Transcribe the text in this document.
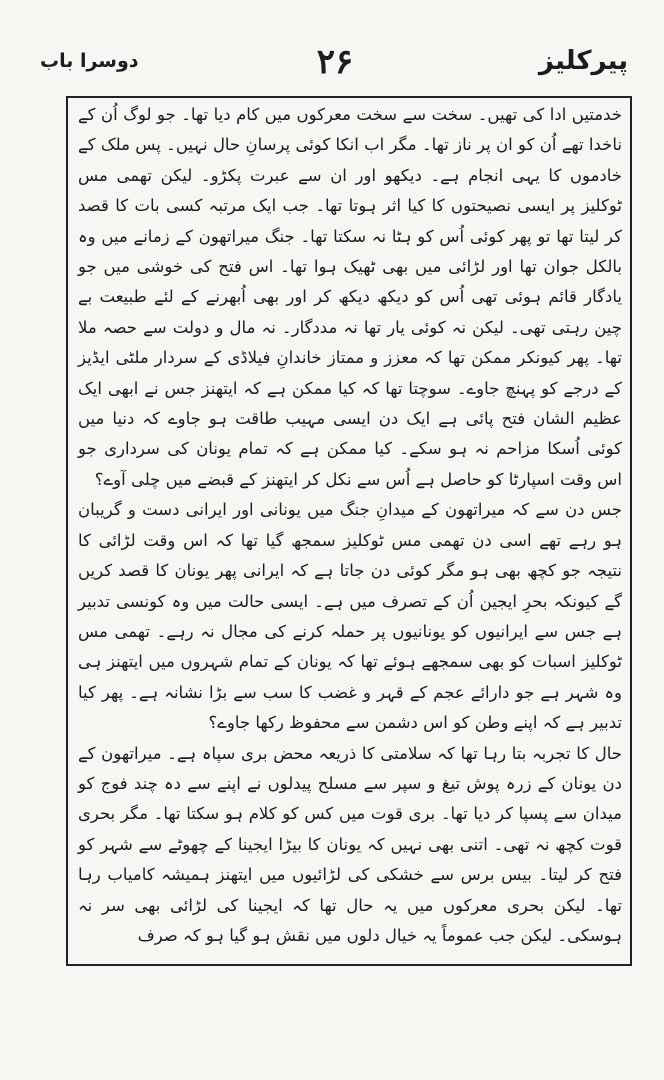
دوسرا باب	۲۶	پیرکلیز

خدمتیں ادا کی تھیں۔ سخت سے سخت معرکوں میں کام دیا تھا۔ جو لوگ اُن کے ناخدا تھے اُن کو ان پر ناز تھا۔ مگر اب انکا کوئی پرسانِ حال نہیں۔ پس ملک کے خادموں کا یہی انجام ہے۔ دیکھو اور ان سے عبرت پکڑو۔ لیکن تھمی مس ٹوکلیز پر ایسی نصیحتوں کا کیا اثر ہوتا تھا۔ جب ایک مرتبہ کسی بات کا قصد کر لیتا تھا تو پھر کوئی اُس کو ہٹا نہ سکتا تھا۔ جنگ میراتھون کے زمانے میں وہ بالکل جوان تھا اور لڑائی میں بھی ٹھیک ہوا تھا۔ اس فتح کی خوشی میں جو یادگار قائم ہوئی تھی اُس کو دیکھ دیکھ کر اور بھی اُبھرنے کے لئے طبیعت بے چین رہتی تھی۔ لیکن نہ کوئی یار تھا نہ مددگار۔ نہ مال و دولت سے حصہ ملا تھا۔ پھر کیونکر ممکن تھا کہ معزز و ممتاز خاندانِ فیلاڈی کے سردار ملٹی ایڈیز کے درجے کو پہنچ جاوے۔ سوچتا تھا کہ کیا ممکن ہے کہ ایتھنز جس نے ابھی ایک عظیم الشان فتح پائی ہے ایک دن ایسی مہیب طاقت ہو جاوے کہ دنیا میں کوئی اُسکا مزاحم نہ ہو سکے۔ کیا ممکن ہے کہ تمام یونان کی سرداری جو اس وقت اسپارٹا کو حاصل ہے اُس سے نکل کر ایتھنز کے قبضے میں چلی آوے؟

جس دن سے کہ میراتھون کے میدانِ جنگ میں یونانی اور ایرانی دست و گریبان ہو رہے تھے اسی دن تھمی مس ٹوکلیز سمجھ گیا تھا کہ اس وقت لڑائی کا نتیجہ جو کچھ بھی ہو مگر کوئی دن جاتا ہے کہ ایرانی پھر یونان کا قصد کریں گے کیونکہ بحرِ ایجین اُن کے تصرف میں ہے۔ ایسی حالت میں وہ کونسی تدبیر ہے جس سے ایرانیوں کو یونانیوں پر حملہ کرنے کی مجال نہ رہے۔ تھمی مس ٹوکلیز اسبات کو بھی سمجھے ہوئے تھا کہ یونان کے تمام شہروں میں ایتھنز ہی وہ شہر ہے جو دارائے عجم کے قہر و غضب کا سب سے بڑا نشانہ ہے۔ پھر کیا تدبیر ہے کہ اپنے وطن کو اس دشمن سے محفوظ رکھا جاوے؟

حال کا تجربہ بتا رہا تھا کہ سلامتی کا ذریعہ محض بری سپاہ ہے۔ میراتھون کے دن یونان کے زرہ پوش تیغ و سپر سے مسلح پیدلوں نے اپنے سے دہ چند فوج کو میدان سے پسپا کر دیا تھا۔ بری قوت میں کس کو کلام ہو سکتا تھا۔ مگر بحری قوت کچھ نہ تھی۔ اتنی بھی نہیں کہ یونان کا بیڑا ایجینا کے چھوٹے سے شہر کو فتح کر لیتا۔ بیس برس سے خشکی کی لڑائیوں میں ایتھنز ہمیشہ کامیاب رہا تھا۔ لیکن بحری معرکوں میں یہ حال تھا کہ ایجینا کی لڑائی بھی سر نہ ہوسکی۔ لیکن جب عموماً یہ خیال دلوں میں نقش ہو گیا ہو کہ صرف
